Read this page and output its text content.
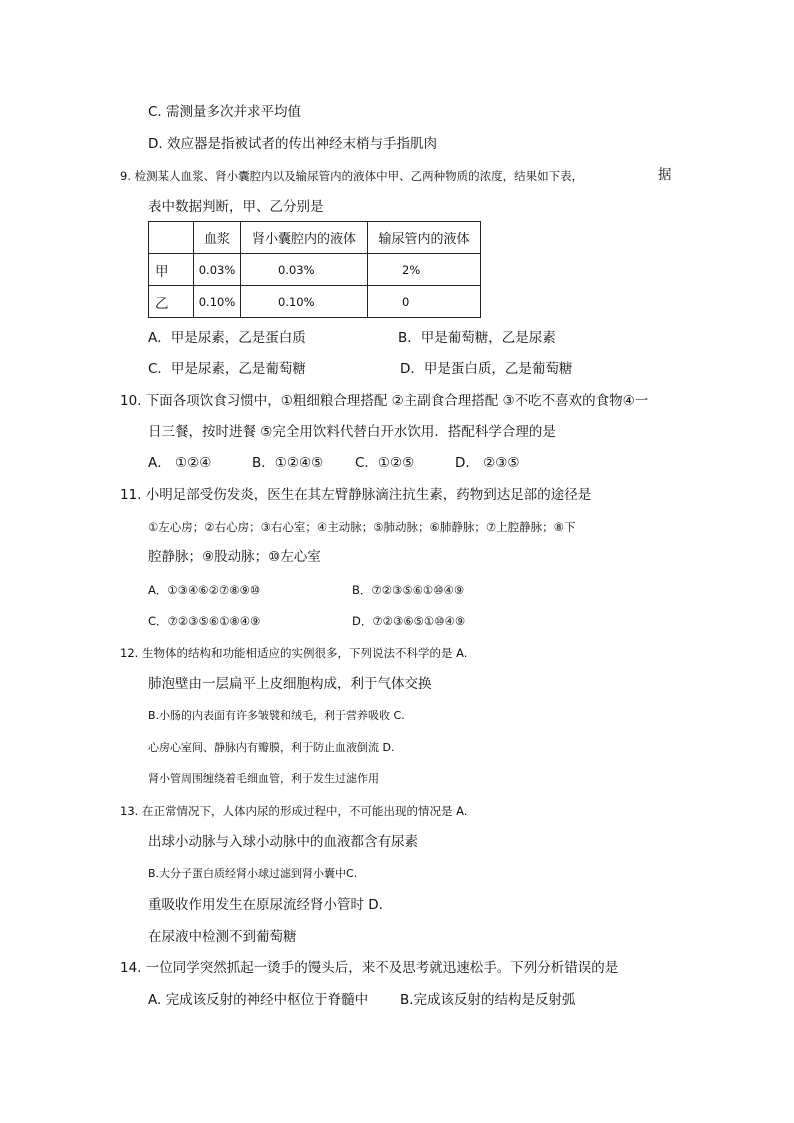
C. 需测量多次并求平均值
D. 效应器是指被试者的传出神经末梢与手指肌肉
9. 检测某人血浆、肾小囊腔内以及输尿管内的液体中甲、乙两种物质的浓度，结果如下表，	据
表中数据判断，甲、乙分别是
	血浆	肾小囊腔内的液体	输尿管内的液体
甲	0.03%	0.03%	2%
乙	0.10%	0.10%	0
A．甲是尿素，乙是蛋白质	B．甲是葡萄糖，乙是尿素
C．甲是尿素，乙是葡萄糖	D．甲是蛋白质，乙是葡萄糖
10. 下面各项饮食习惯中，①粗细粮合理搭配 ②主副食合理搭配 ③不吃不喜欢的食物④一
日三餐，按时进餐 ⑤完全用饮料代替白开水饮用．搭配科学合理的是
A． ①②④	B．①②④⑤ C．①②⑤	D． ②③⑤
11. 小明足部受伤发炎，医生在其左臂静脉滴注抗生素，药物到达足部的途径是
①左心房；②右心房；③右心室；④主动脉；⑤肺动脉；⑥肺静脉；⑦上腔静脉；⑧下
腔静脉；⑨股动脉；⑩左心室
A．①③④⑥②⑦⑧⑨⑩	B．⑦②③⑤⑥①⑩④⑨
C．⑦②③⑤⑥①⑧④⑨	D．⑦②③⑥⑤①⑩④⑨
12. 生物体的结构和功能相适应的实例很多，下列说法不科学的是 A.
肺泡壁由一层扁平上皮细胞构成，利于气体交换
B.小肠的内表面有许多皱襞和绒毛，利于营养吸收 C.
心房心室间、静脉内有瓣膜，利于防止血液倒流 D.
肾小管周围缠绕着毛细血管，利于发生过滤作用
13. 在正常情况下，人体内尿的形成过程中，不可能出现的情况是 A.
出球小动脉与入球小动脉中的血液都含有尿素
B.大分子蛋白质经肾小球过滤到肾小囊中C.
重吸收作用发生在原尿流经肾小管时 D.
在尿液中检测不到葡萄糖
14. 一位同学突然抓起一烫手的馒头后，来不及思考就迅速松手。下列分析错误的是
A. 完成该反射的神经中枢位于脊髓中 B.完成该反射的结构是反射弧
